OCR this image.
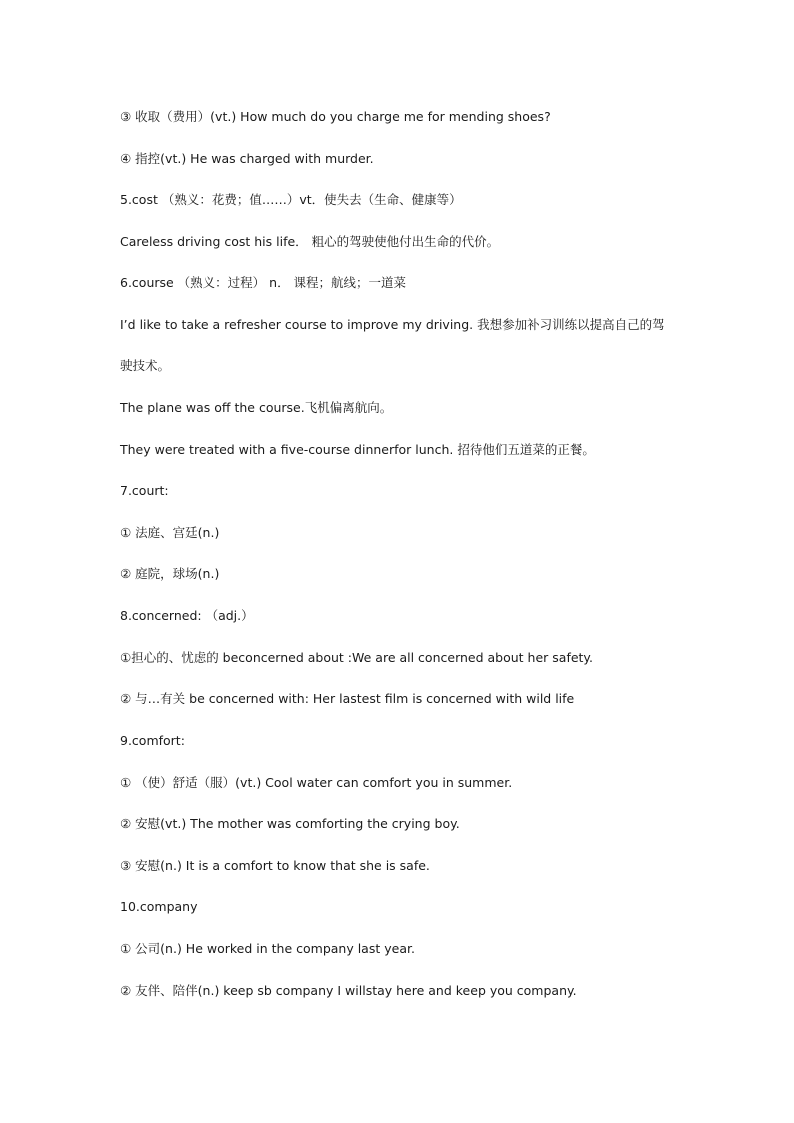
③ 收取（费用）(vt.) How much do you charge me for mending shoes?
④ 指控(vt.) He was charged with murder.
5.cost （熟义：花费；值……）vt．使失去（生命、健康等）
Careless driving cost his life． 粗心的驾驶使他付出生命的代价。
6.course （熟义：过程） n． 课程；航线；一道菜
I’d like to take a refresher course to improve my driving. 我想参加补习训练以提高自己的驾
驶技术。
The plane was off the course.飞机偏离航向。
They were treated with a five-course dinnerfor lunch. 招待他们五道菜的正餐。
7.court:
① 法庭、宫廷(n.)
② 庭院，球场(n.)
8.concerned: （adj.）
①担心的、忧虑的 beconcerned about :We are all concerned about her safety.
② 与…有关 be concerned with: Her lastest film is concerned with wild life
9.comfort:
① （使）舒适（服）(vt.) Cool water can comfort you in summer.
② 安慰(vt.) The mother was comforting the crying boy.
③ 安慰(n.) It is a comfort to know that she is safe.
10.company
① 公司(n.) He worked in the company last year.
② 友伴、陪伴(n.) keep sb company I willstay here and keep you company.
